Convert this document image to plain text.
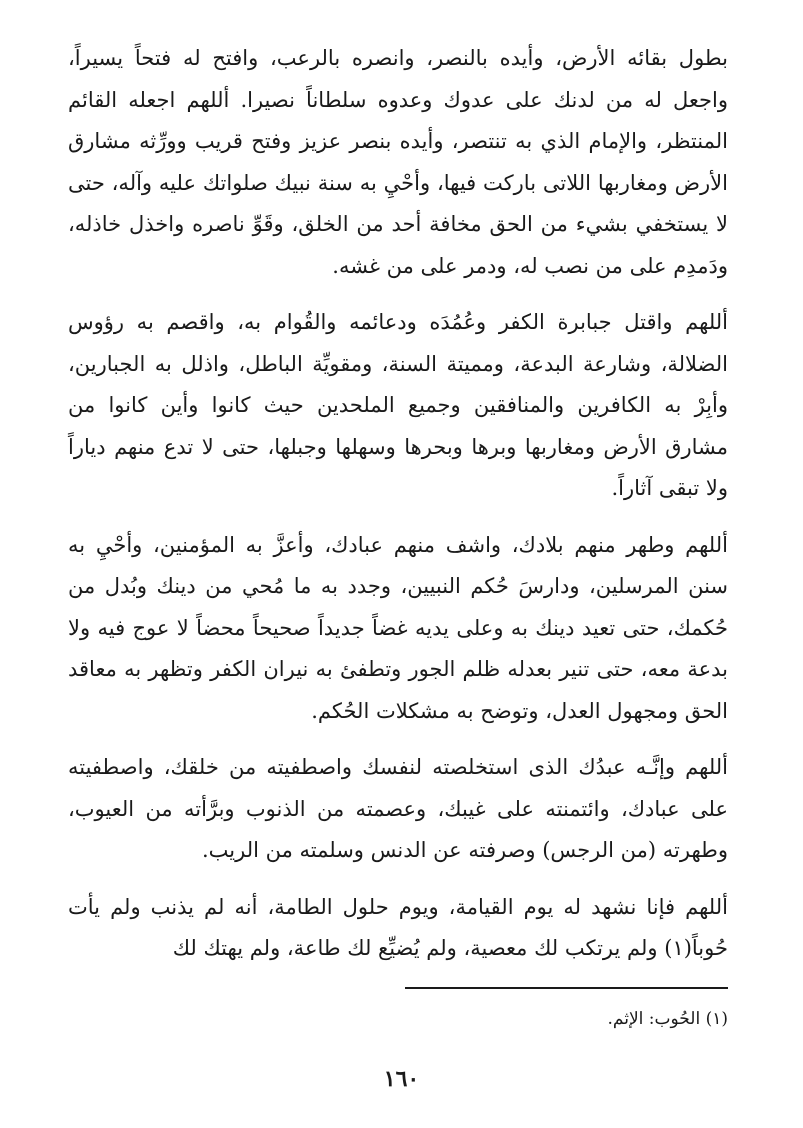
بطول بقائه الأرض، وأيده بالنصر، وانصره بالرعب، وافتح له فتحاً يسيراً، واجعل له من لدنك على عدوك وعدوه سلطاناً نصيرا. أللهم اجعله القائم المنتظر، والإمام الذي به تنتصر، وأيده بنصر عزيز وفتح قريب وورِّثه مشارق الأرض ومغاربها اللاتى باركت فيها، وأحْيِ به سنة نبيك صلواتك عليه وآله، حتى لا يستخفي بشيء من الحق مخافة أحد من الخلق، وقَوِّ ناصره واخذل خاذله، ودَمدِم على من نصب له، ودمر على من غشه.

أللهم واقتل جبابرة الكفر وعُمُدَه ودعائمه والقُوام به، واقصم به رؤوس الضلالة، وشارعة البدعة، ومميتة السنة، ومقويِّة الباطل، واذلل به الجبارين، وأبِرْ به الكافرين والمنافقين وجميع الملحدين حيث كانوا وأين كانوا من مشارق الأرض ومغاربها وبرها وبحرها وسهلها وجبلها، حتى لا تدع منهم دياراً ولا تبقى آثاراً.

أللهم وطهر منهم بلادك، واشف منهم عبادك، وأعزَّ به المؤمنين، وأحْيِ به سنن المرسلين، ودارسَ حُكم النبيين، وجدد به ما مُحي من دينك وبُدل من حُكمك، حتى تعيد دينك به وعلى يديه غضاً جديداً صحيحاً محضاً لا عوج فيه ولا بدعة معه، حتى تنير بعدله ظلم الجور وتطفئ به نيران الكفر وتظهر به معاقد الحق ومجهول العدل، وتوضح به مشكلات الحُكم.

أللهم وإنَّـه عبدُك الذى استخلصته لنفسك واصطفيته من خلقك، واصطفيته على عبادك، وائتمنته على غيبك، وعصمته من الذنوب وبرَّأته من العيوب، وطهرته (من الرجس) وصرفته عن الدنس وسلمته من الريب.

أللهم فإنا نشهد له يوم القيامة، ويوم حلول الطامة، أنه لم يذنب ولم يأت حُوباً(١) ولم يرتكب لك معصية، ولم يُضيِّع لك طاعة، ولم يهتك لك

(١) الحُوب: الإثم.
١٦٠
